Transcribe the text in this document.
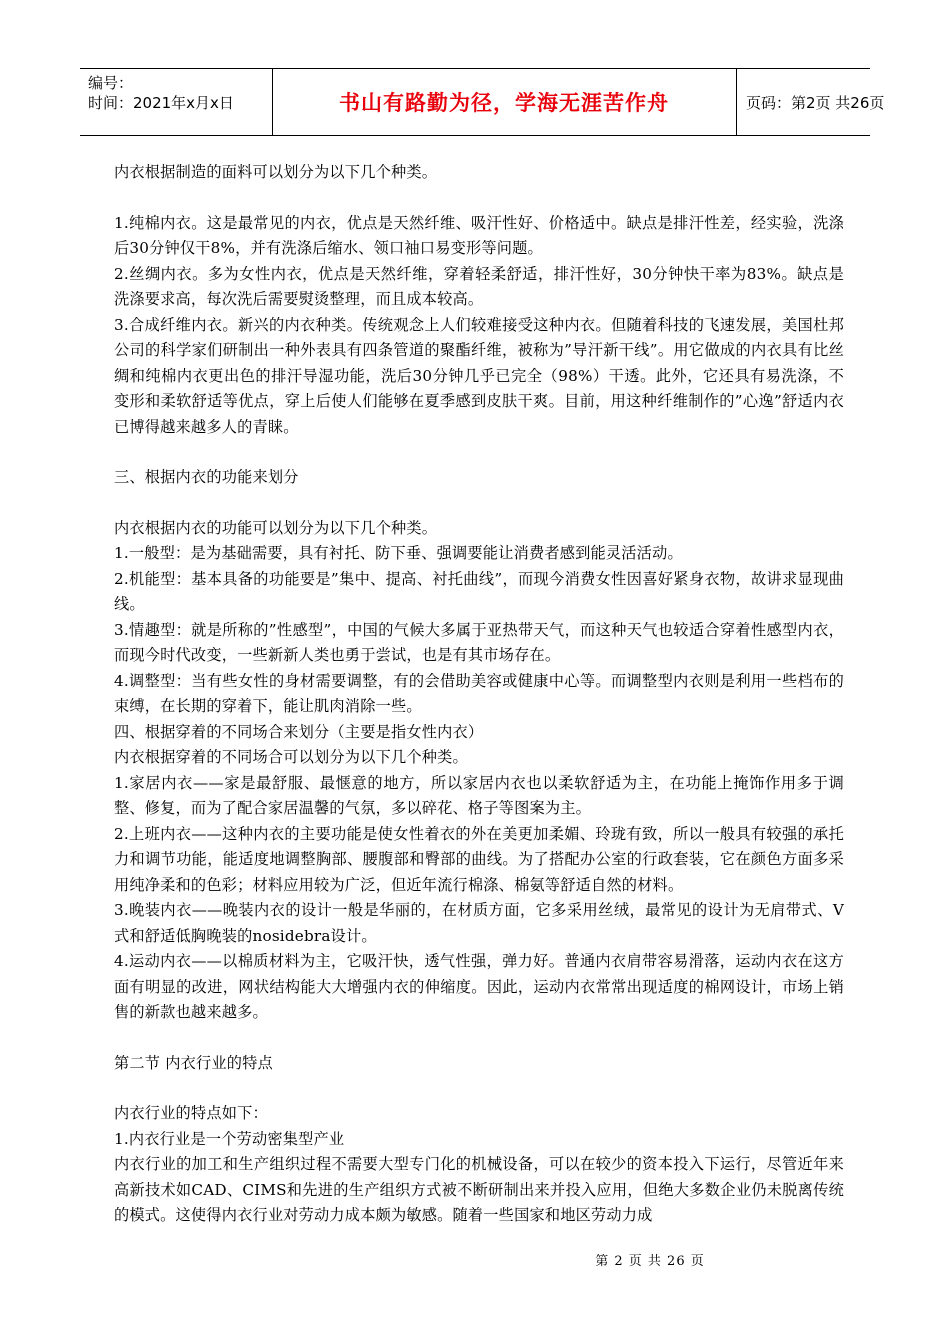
编号：
时间：2021年x月x日	书山有路勤为径，学海无涯苦作舟	页码：第2页 共26页

内衣根据制造的面料可以划分为以下几个种类。

1.纯棉内衣。这是最常见的内衣，优点是天然纤维、吸汗性好、价格适中。缺点是排汗性差，经实验，洗涤后30分钟仅干8%，并有洗涤后缩水、领口袖口易变形等问题。

2.丝绸内衣。多为女性内衣，优点是天然纤维，穿着轻柔舒适，排汗性好，30分钟快干率为83%。缺点是洗涤要求高，每次洗后需要熨烫整理，而且成本较高。

3.合成纤维内衣。新兴的内衣种类。传统观念上人们较难接受这种内衣。但随着科技的飞速发展，美国杜邦公司的科学家们研制出一种外表具有四条管道的聚酯纤维，被称为”导汗新干线”。用它做成的内衣具有比丝绸和纯棉内衣更出色的排汗导湿功能，洗后30分钟几乎已完全（98%）干透。此外，它还具有易洗涤，不变形和柔软舒适等优点，穿上后使人们能够在夏季感到皮肤干爽。目前，用这种纤维制作的”心逸”舒适内衣已博得越来越多人的青睐。

三、根据内衣的功能来划分

内衣根据内衣的功能可以划分为以下几个种类。

1.一般型：是为基础需要，具有衬托、防下垂、强调要能让消费者感到能灵活活动。

2.机能型：基本具备的功能要是”集中、提高、衬托曲线”，而现今消费女性因喜好紧身衣物，故讲求显现曲线。

3.情趣型：就是所称的”性感型”，中国的气候大多属于亚热带天气，而这种天气也较适合穿着性感型内衣，而现今时代改变，一些新新人类也勇于尝试，也是有其市场存在。

4.调整型：当有些女性的身材需要调整，有的会借助美容或健康中心等。而调整型内衣则是利用一些档布的束缚，在长期的穿着下，能让肌肉消除一些。

四、根据穿着的不同场合来划分（主要是指女性内衣）

内衣根据穿着的不同场合可以划分为以下几个种类。

1.家居内衣——家是最舒服、最惬意的地方，所以家居内衣也以柔软舒适为主，在功能上掩饰作用多于调整、修复，而为了配合家居温馨的气氛，多以碎花、格子等图案为主。

2.上班内衣——这种内衣的主要功能是使女性着衣的外在美更加柔媚、玲珑有致，所以一般具有较强的承托力和调节功能，能适度地调整胸部、腰腹部和臀部的曲线。为了搭配办公室的行政套装，它在颜色方面多采用纯净柔和的色彩；材料应用较为广泛，但近年流行棉涤、棉氨等舒适自然的材料。

3.晚装内衣——晚装内衣的设计一般是华丽的，在材质方面，它多采用丝绒，最常见的设计为无肩带式、V式和舒适低胸晚装的nosidebra设计。

4.运动内衣——以棉质材料为主，它吸汗快，透气性强，弹力好。普通内衣肩带容易滑落，运动内衣在这方面有明显的改进，网状结构能大大增强内衣的伸缩度。因此，运动内衣常常出现适度的棉网设计，市场上销售的新款也越来越多。

第二节 内衣行业的特点

内衣行业的特点如下：

1.内衣行业是一个劳动密集型产业

内衣行业的加工和生产组织过程不需要大型专门化的机械设备，可以在较少的资本投入下运行，尽管近年来高新技术如CAD、CIMS和先进的生产组织方式被不断研制出来并投入应用，但绝大多数企业仍未脱离传统的模式。这使得内衣行业对劳动力成本颇为敏感。随着一些国家和地区劳动力成

第 2 页 共 26 页
